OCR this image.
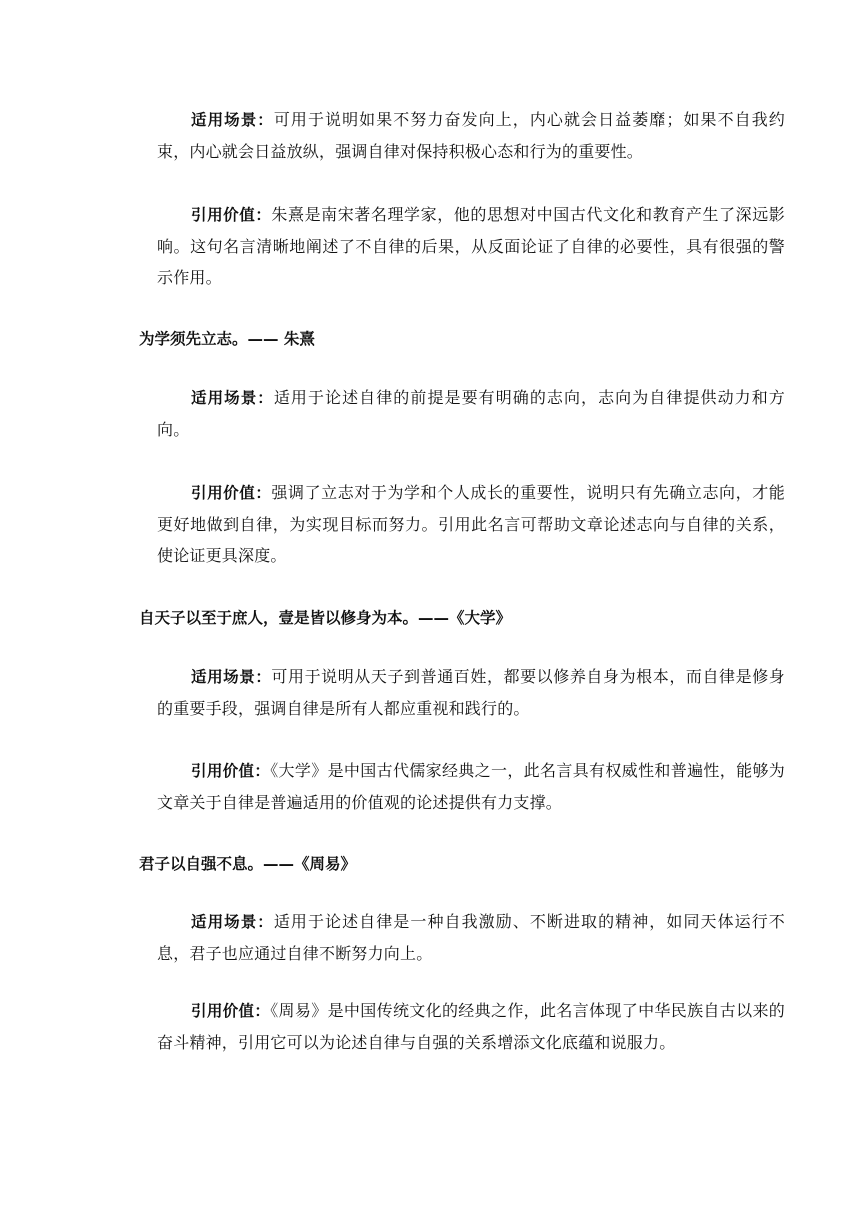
适用场景：可用于说明如果不努力奋发向上，内心就会日益萎靡；如果不自我约束，内心就会日益放纵，强调自律对保持积极心态和行为的重要性。

引用价值：朱熹是南宋著名理学家，他的思想对中国古代文化和教育产生了深远影响。这句名言清晰地阐述了不自律的后果，从反面论证了自律的必要性，具有很强的警示作用。

为学须先立志。—— 朱熹

适用场景：适用于论述自律的前提是要有明确的志向，志向为自律提供动力和方向。

引用价值：强调了立志对于为学和个人成长的重要性，说明只有先确立志向，才能更好地做到自律，为实现目标而努力。引用此名言可帮助文章论述志向与自律的关系，使论证更具深度。

自天子以至于庶人，壹是皆以修身为本。——《大学》

适用场景：可用于说明从天子到普通百姓，都要以修养自身为根本，而自律是修身的重要手段，强调自律是所有人都应重视和践行的。

引用价值：《大学》是中国古代儒家经典之一，此名言具有权威性和普遍性，能够为文章关于自律是普遍适用的价值观的论述提供有力支撑。

君子以自强不息。——《周易》

适用场景：适用于论述自律是一种自我激励、不断进取的精神，如同天体运行不息，君子也应通过自律不断努力向上。

引用价值：《周易》是中国传统文化的经典之作，此名言体现了中华民族自古以来的奋斗精神，引用它可以为论述自律与自强的关系增添文化底蕴和说服力。
